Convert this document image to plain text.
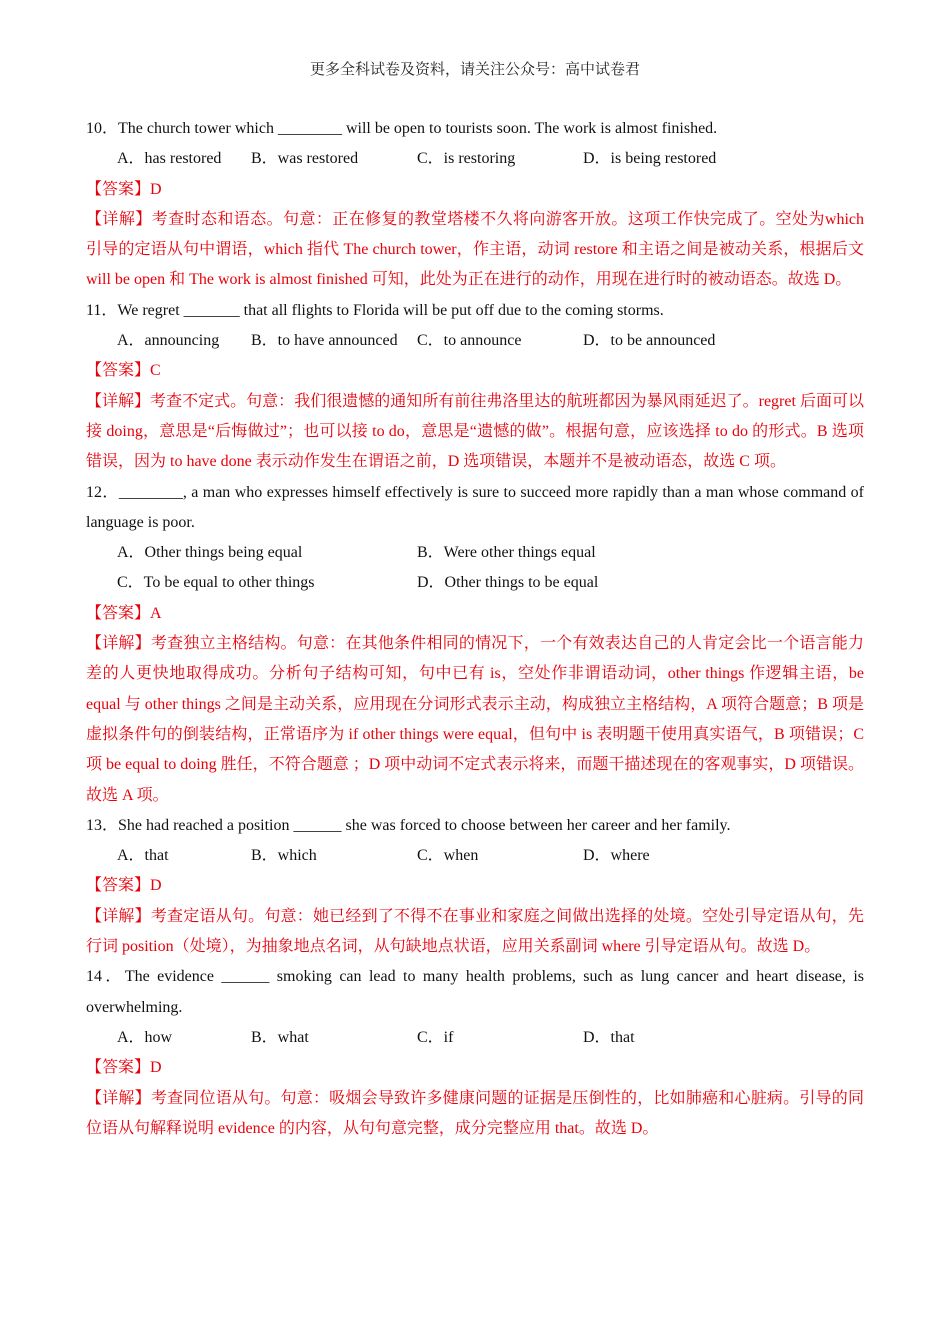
更多全科试卷及资料，请关注公众号：高中试卷君

10．The church tower which ________ will be open to tourists soon. The work is almost finished.

A．has restored B．was restored	C．is restoring	D．is being restored

【答案】D

【详解】考查时态和语态。句意：正在修复的教堂塔楼不久将向游客开放。这项工作快完成了。空处为which 引导的定语从句中谓语，which 指代 The church tower，作主语，动词 restore 和主语之间是被动关系，根据后文 will be open 和 The work is almost finished 可知，此处为正在进行的动作，用现在进行时的被动语态。故选 D。

11．We regret _______ that all flights to Florida will be put off due to the coming storms.

A．announcing B．to have announced C．to announce	D．to be announced

【答案】C

【详解】考查不定式。句意：我们很遗憾的通知所有前往弗洛里达的航班都因为暴风雨延迟了。regret 后面可以接 doing，意思是“后悔做过”；也可以接 to do，意思是“遗憾的做”。根据句意，应该选择 to do 的形式。B 选项错误，因为 to have done 表示动作发生在谓语之前，D 选项错误，本题并不是被动语态，故选 C 项。

12．________, a man who expresses himself effectively is sure to succeed more rapidly than a man whose command of language is poor.

A．Other things being equal	B．Were other things equal
C．To be equal to other things	D．Other things to be equal

【答案】A

【详解】考查独立主格结构。句意：在其他条件相同的情况下，一个有效表达自己的人肯定会比一个语言能力差的人更快地取得成功。分析句子结构可知，句中已有 is，空处作非谓语动词，other things 作逻辑主语，be equal 与 other things 之间是主动关系，应用现在分词形式表示主动，构成独立主格结构，A 项符合题意；B 项是虚拟条件句的倒装结构，正常语序为 if other things were equal，但句中 is 表明题干使用真实语气，B 项错误；C 项 be equal to doing 胜任，不符合题意 ；D 项中动词不定式表示将来，而题干描述现在的客观事实，D 项错误。故选 A 项。

13．She had reached a position ______ she was forced to choose between her career and her family.

A．that	B．which	C．when	D．where

【答案】D

【详解】考查定语从句。句意：她已经到了不得不在事业和家庭之间做出选择的处境。空处引导定语从句，先行词 position（处境），为抽象地点名词，从句缺地点状语，应用关系副词 where 引导定语从句。故选 D。

14．The evidence ______ smoking can lead to many health problems, such as lung cancer and heart disease, is overwhelming.

A．how	B．what	C．if	D．that

【答案】D

【详解】考查同位语从句。句意：吸烟会导致许多健康问题的证据是压倒性的，比如肺癌和心脏病。引导的同位语从句解释说明 evidence 的内容，从句句意完整，成分完整应用 that。故选 D。
